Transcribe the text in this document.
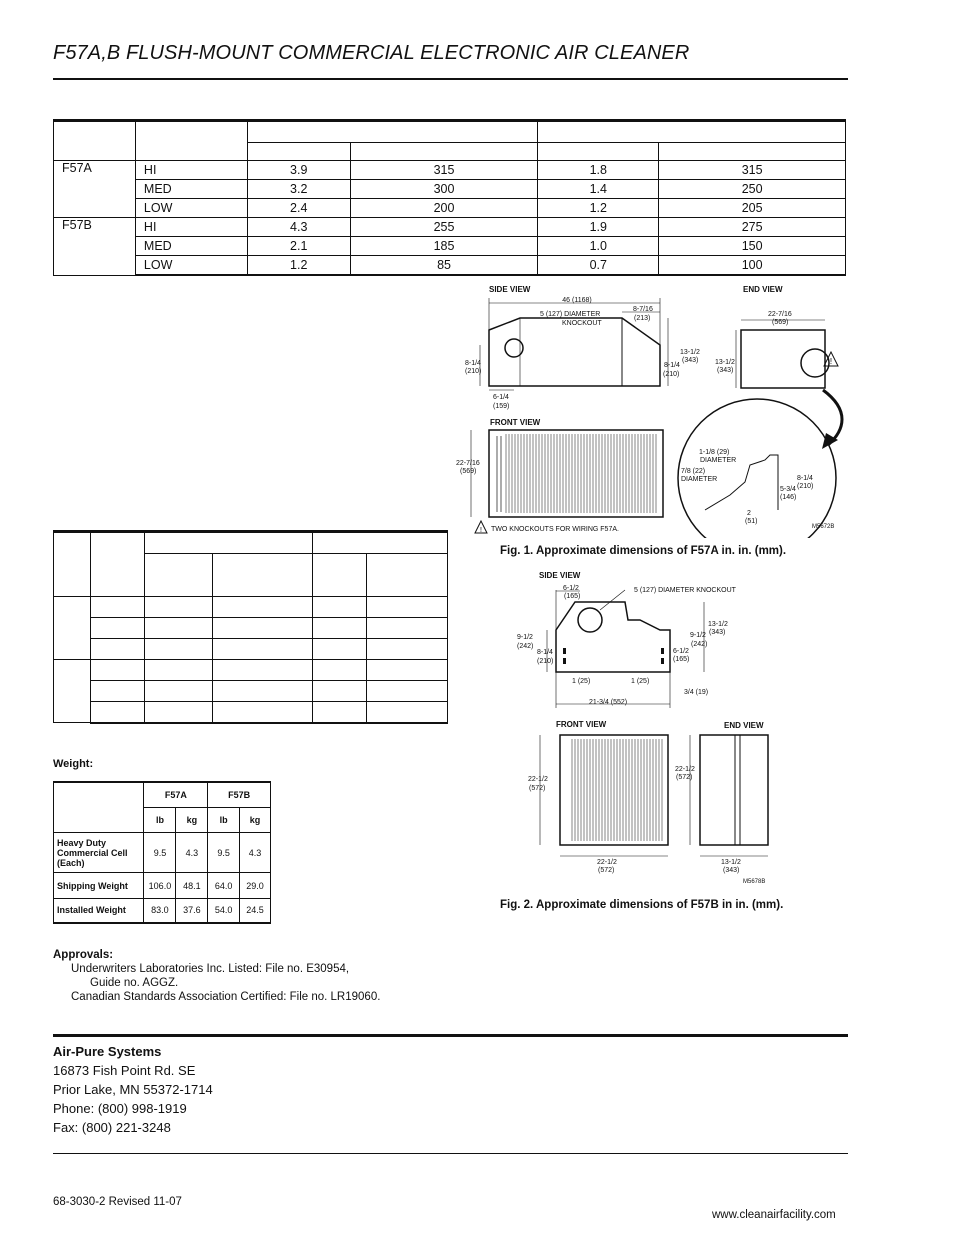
F57A,B FLUSH-MOUNT COMMERCIAL ELECTRONIC AIR CLEANER

F57A	HI	3.9	315	1.8	315
	MED	3.2	300	1.4	250
	LOW	2.4	200	1.2	205
F57B	HI	4.3	255	1.9	275
	MED	2.1	185	1.0	150
	LOW	1.2	85	0.7	100
!
!
SIDE VIEW	END VIEW
FRONT VIEW
46 (1168)
5 (127) DIAMETER
KNOCKOUT
8-7/16
(213)
13-1/2
(343)
8-1/4
(210)
8-1/4
(210)
6-1/4
(159)
22-7/16
(569)
13-1/2
(343)
22-7/16
(569)
1-1/8 (29)
DIAMETER
7/8 (22)
DIAMETER	8-1/4
(210)
5-3/4
(146)
2
(51)
TWO KNOCKOUTS FOR WIRING F57A.	M5672B
Fig. 1. Approximate dimensions of F57A in. in. (mm).

SIDE VIEW
FRONT VIEW	END VIEW
6-1/2
(165)
5 (127) DIAMETER KNOCKOUT
13-1/2
(343)
9-1/2
(242)
9-1/2
(242)
8-1/4
(210)
6-1/2
(165)
1 (25)	1 (25)
3/4 (19)
21-3/4 (552)
22-1/2
(572)
22-1/2
(572)
22-1/2
(572)
13-1/2
(343)
M5678B
Fig. 2. Approximate dimensions of F57B in in. (mm).
Weight:
	F57A		F57B	
	lb	kg	lb	kg

Heavy Duty
Commercial Cell
(Each)	9.5	4.3	9.5	4.3
Shipping Weight	106.0	48.1	64.0	29.0
Installed Weight	83.0	37.6	54.0	24.5
Approvals:
Underwriters Laboratories Inc. Listed: File no. E30954,
Guide no. AGGZ.
Canadian Standards Association Certified: File no. LR19060.
Air-Pure Systems
16873 Fish Point Rd. SE
Prior Lake, MN 55372-1714
Phone: (800) 998-1919
Fax: (800) 221-3248
68-3030-2 Revised 11-07
www.cleanairfacility.com
